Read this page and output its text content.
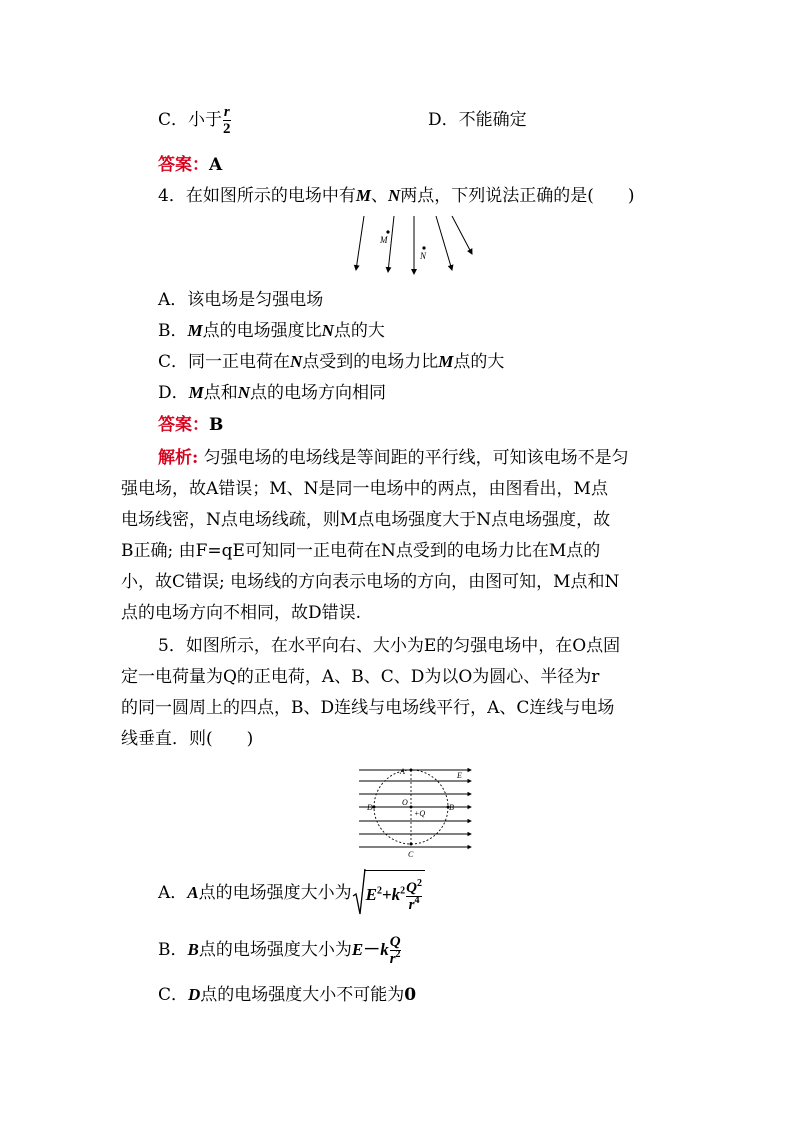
C．小于 $\frac{r}{2}$	D．不能确定
答案：A
4．在如图所示的电场中有M、N两点，下列说法正确的是(　　)
M
N
A．该电场是匀强电场
B．M点的电场强度比N点的大
C．同一正电荷在N点受到的电场力比M点的大
D．M点和N点的电场方向相同
答案：B
解析: 匀强电场的电场线是等间距的平行线，可知该电场不是匀
强电场，故A错误；M、N是同一电场中的两点，由图看出，M点
电场线密，N点电场线疏，则M点电场强度大于N点电场强度，故
B正确; 由F=qE可知同一正电荷在N点受到的电场力比在M点的
小，故C错误; 电场线的方向表示电场的方向，由图可知，M点和N
点的电场方向不相同，故D错误.
5．如图所示，在水平向右、大小为E的匀强电场中，在O点固
定一电荷量为Q的正电荷，A、B、C、D为以O为圆心、半径为r
的同一圆周上的四点，B、D连线与电场线平行，A、C连线与电场
线垂直．则(　　)
A
B
C
D
O
+Q
E
A．A点的电场强度大小为 $E^2+k^2 \frac{Q^2}{r^4}$
B．B点的电场强度大小为$E-k \frac{Q}{r^2}$
C．D点的电场强度大小不可能为0
